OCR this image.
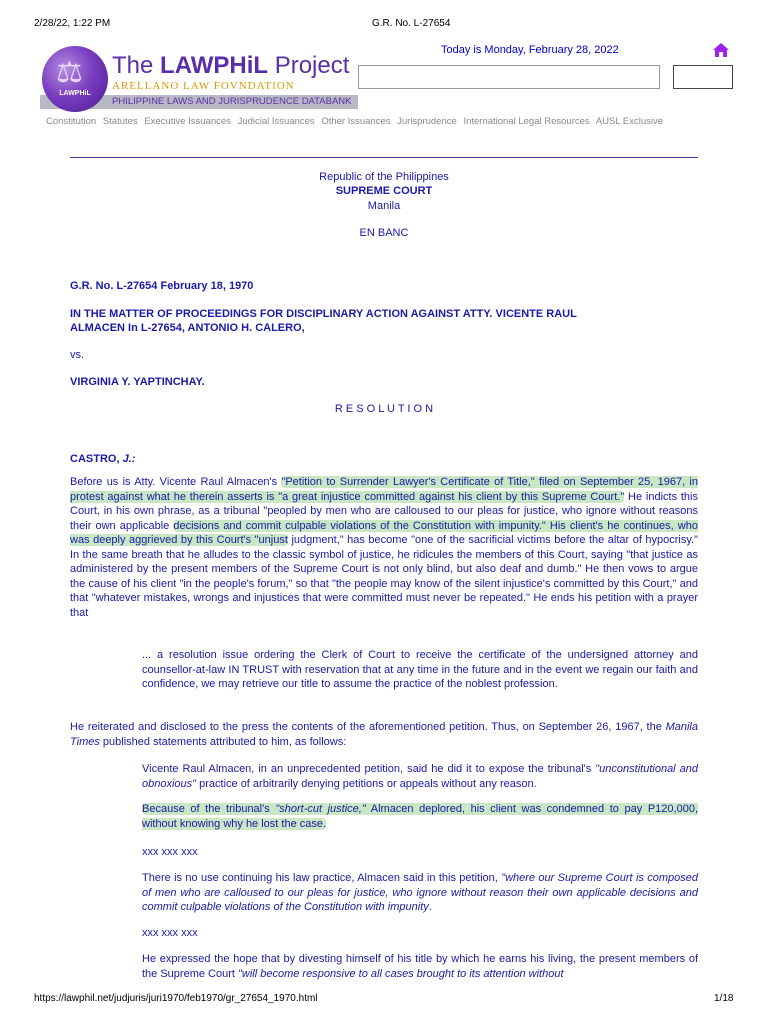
2/28/22, 1:22 PM	G.R. No. L-27654
⚖
LAWPHiL
The LAWPHiL Project
ARELLANO LAW FOVNDATION
PHILIPPINE LAWS AND JURISPRUDENCE DATABANK
Today is Monday, February 28, 2022
Constitution Statutes Executive Issuances Judicial Issuances Other Issuances Jurisprudence International Legal Resources AUSL Exclusive
Republic of the Philippines
SUPREME COURT
Manila
EN BANC
G.R. No. L-27654 February 18, 1970
IN THE MATTER OF PROCEEDINGS FOR DISCIPLINARY ACTION AGAINST ATTY. VICENTE RAUL
ALMACEN In L-27654, ANTONIO H. CALERO,
vs.
VIRGINIA Y. YAPTINCHAY.
R E S O L U T I O N
CASTRO, J.:

Before us is Atty. Vicente Raul Almacen's "Petition to Surrender Lawyer's Certificate of Title," filed on September 25, 1967, in protest against what he therein asserts is "a great injustice committed against his client by this Supreme Court." He indicts this Court, in his own phrase, as a tribunal "peopled by men who are calloused to our pleas for justice, who ignore without reasons their own applicable decisions and commit culpable violations of the Constitution with impunity." His client's he continues, who was deeply aggrieved by this Court's "unjust judgment," has become "one of the sacrificial victims before the altar of hypocrisy." In the same breath that he alludes to the classic symbol of justice, he ridicules the members of this Court, saying "that justice as administered by the present members of the Supreme Court is not only blind, but also deaf and dumb." He then vows to argue the cause of his client "in the people's forum," so that "the people may know of the silent injustice's committed by this Court," and that "whatever mistakes, wrongs and injustices that were committed must never be repeated." He ends his petition with a prayer that

... a resolution issue ordering the Clerk of Court to receive the certificate of the undersigned attorney and counsellor-at-law IN TRUST with reservation that at any time in the future and in the event we regain our faith and confidence, we may retrieve our title to assume the practice of the noblest profession.

He reiterated and disclosed to the press the contents of the aforementioned petition. Thus, on September 26, 1967, the Manila Times published statements attributed to him, as follows:

Vicente Raul Almacen, in an unprecedented petition, said he did it to expose the tribunal's "unconstitutional and obnoxious" practice of arbitrarily denying petitions or appeals without any reason.

Because of the tribunal's "short-cut justice," Almacen deplored, his client was condemned to pay P120,000, without knowing why he lost the case.

xxx xxx xxx

There is no use continuing his law practice, Almacen said in this petition, "where our Supreme Court is composed of men who are calloused to our pleas for justice, who ignore without reason their own applicable decisions and commit culpable violations of the Constitution with impunity.

xxx xxx xxx

He expressed the hope that by divesting himself of his title by which he earns his living, the present members of the Supreme Court "will become responsive to all cases brought to its attention without

https://lawphil.net/judjuris/juri1970/feb1970/gr_27654_1970.html	1/18
